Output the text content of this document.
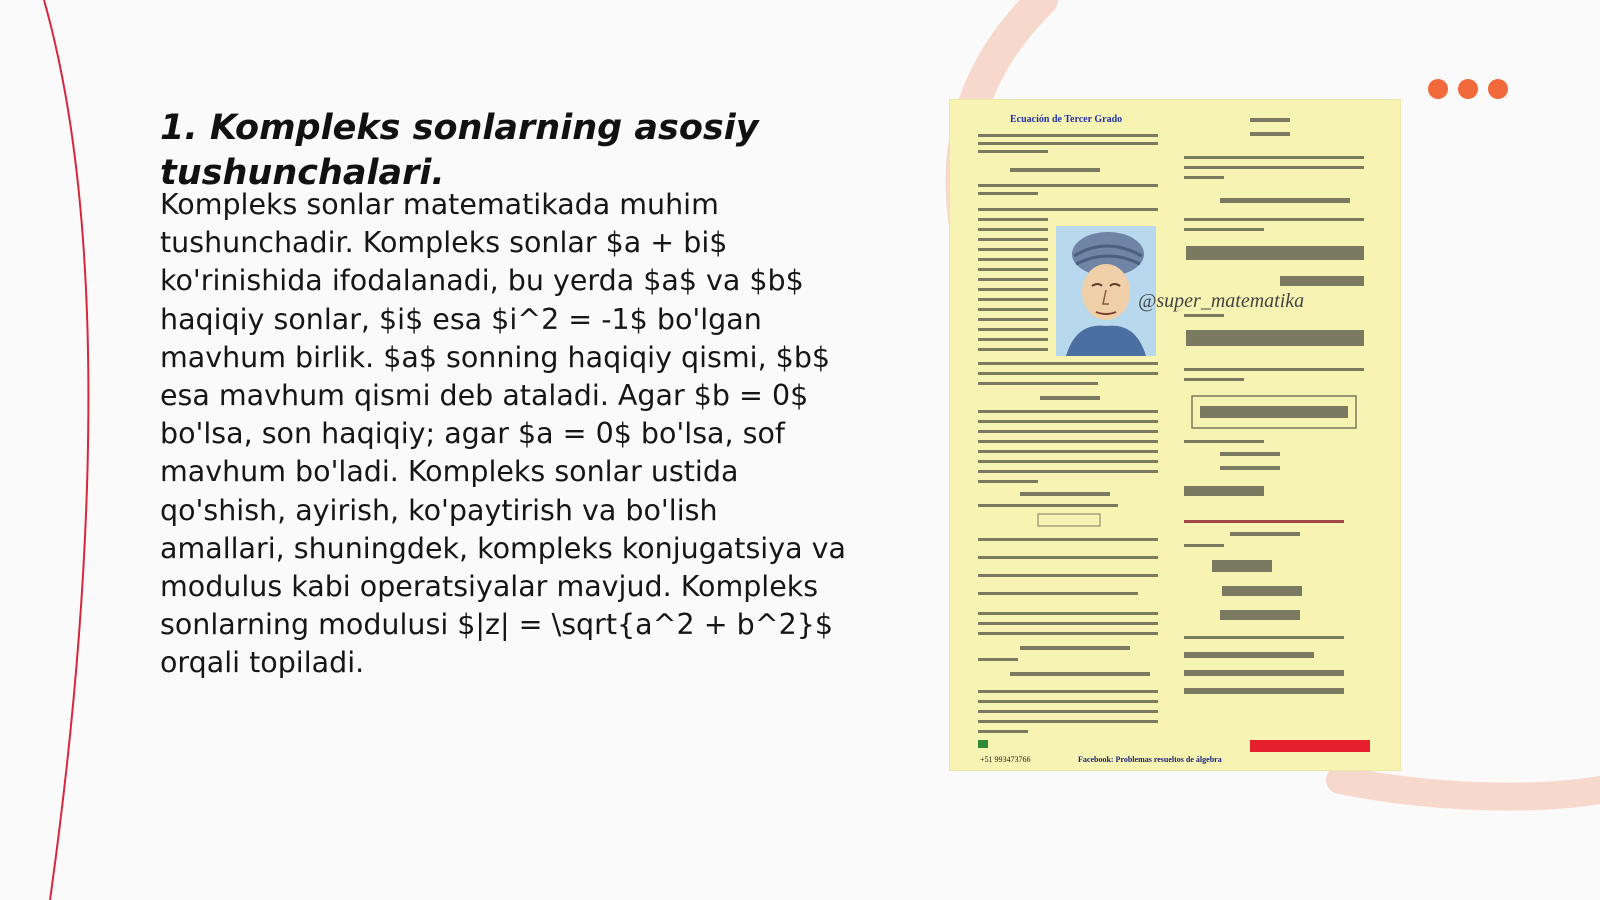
1. Kompleks sonlarning asosiy tushunchalari.

Kompleks sonlar matematikada muhim tushunchadir. Kompleks sonlar $a + bi$ ko'rinishida ifodalanadi, bu yerda $a$ va $b$ haqiqiy sonlar, $i$ esa $i^2 = -1$ bo'lgan mavhum birlik. $a$ sonning haqiqiy qismi, $b$ esa mavhum qismi deb ataladi. Agar $b = 0$ bo'lsa, son haqiqiy; agar $a = 0$ bo'lsa, sof mavhum bo'ladi. Kompleks sonlar ustida qo'shish, ayirish, ko'paytirish va bo'lish amallari, shuningdek, kompleks konjugatsiya va modulus kabi operatsiyalar mavjud. Kompleks sonlarning modulusi $|z| = \sqrt{a^2 + b^2}$ orqali topiladi.

Ecuación de Tercer Grado
@super_matematika
+51 993473766	Facebook: Problemas resueltos de álgebra
